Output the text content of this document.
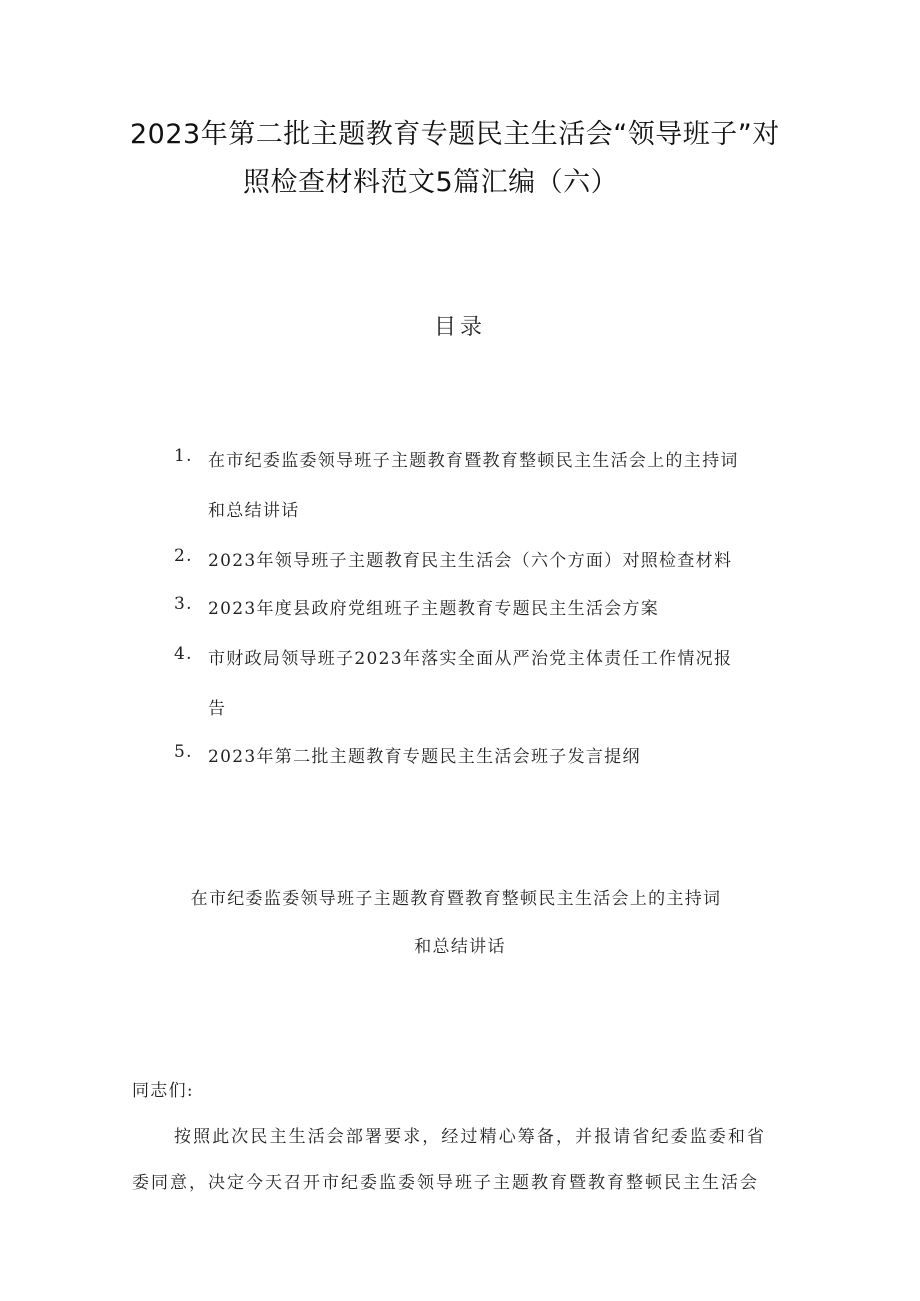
2023年第二批主题教育专题民主生活会“领导班子”对
照检查材料范文5篇汇编（六）
目录
1. 在市纪委监委领导班子主题教育暨教育整顿民主生活会上的主持词
和总结讲话
2. 2023年领导班子主题教育民主生活会（六个方面）对照检查材料
3. 2023年度县政府党组班子主题教育专题民主生活会方案
4. 市财政局领导班子2023年落实全面从严治党主体责任工作情况报
告
5. 2023年第二批主题教育专题民主生活会班子发言提纲
在市纪委监委领导班子主题教育暨教育整顿民主生活会上的主持词
和总结讲话
同志们:
按照此次民主生活会部署要求，经过精心筹备，并报请省纪委监委和省
委同意，决定今天召开市纪委监委领导班子主题教育暨教育整顿民主生活会
